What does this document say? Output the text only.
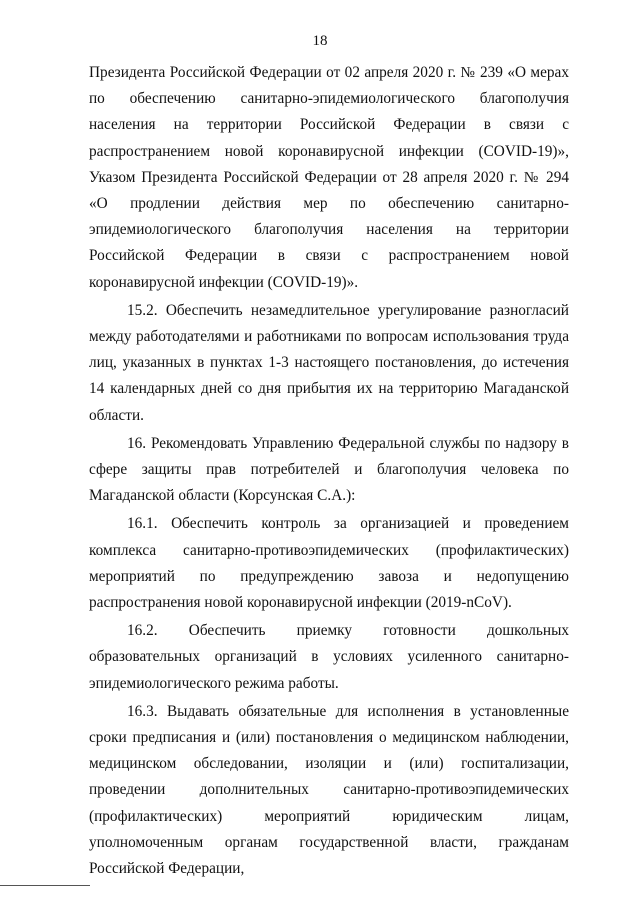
18

Президента Российской Федерации от 02 апреля 2020 г. № 239 «О мерах по обеспечению санитарно-эпидемиологического благополучия населения на территории Российской Федерации в связи с распространением новой коронавирусной инфекции (COVID-19)», Указом Президента Российской Федерации от 28 апреля 2020 г. № 294 «О продлении действия мер по обеспечению санитарно-эпидемиологического благополучия населения на территории Российской Федерации в связи с распространением новой коронавирусной инфекции (COVID-19)».

15.2. Обеспечить незамедлительное урегулирование разногласий между работодателями и работниками по вопросам использования труда лиц, указанных в пунктах 1-3 настоящего постановления, до истечения 14 календарных дней со дня прибытия их на территорию Магаданской области.

16. Рекомендовать Управлению Федеральной службы по надзору в сфере защиты прав потребителей и благополучия человека по Магаданской области (Корсунская С.А.):

16.1. Обеспечить контроль за организацией и проведением комплекса санитарно-противоэпидемических (профилактических) мероприятий по предупреждению завоза и недопущению распространения новой коронавирусной инфекции (2019-nCoV).

16.2. Обеспечить приемку готовности дошкольных образовательных организаций в условиях усиленного санитарно-эпидемиологического режима работы.

16.3. Выдавать обязательные для исполнения в установленные сроки предписания и (или) постановления о медицинском наблюдении, медицинском обследовании, изоляции и (или) госпитализации, проведении дополнительных санитарно-противоэпидемических (профилактических) мероприятий юридическим лицам, уполномоченным органам государственной власти, гражданам Российской Федерации,
